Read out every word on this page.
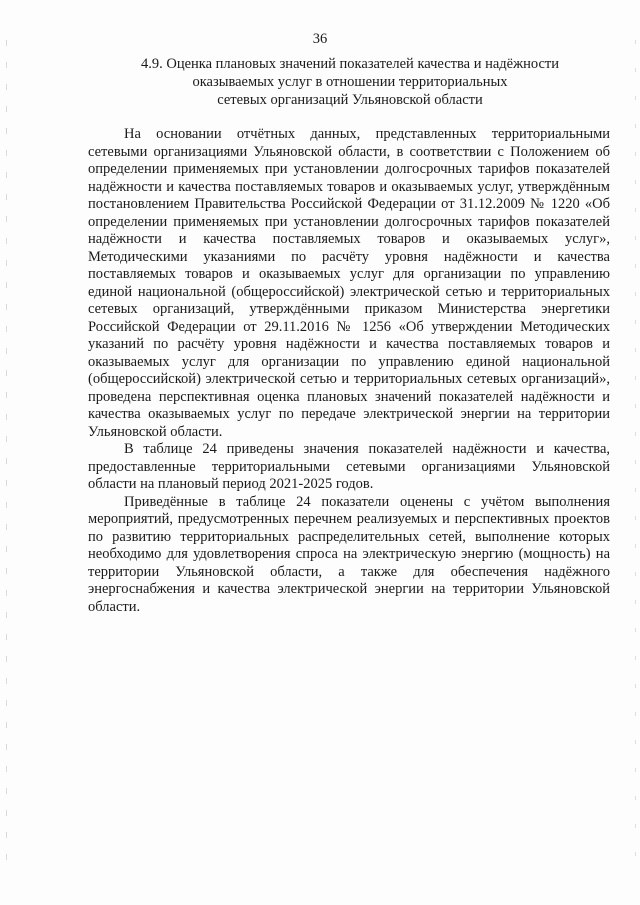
36
4.9. Оценка плановых значений показателей качества и надёжности
оказываемых услуг в отношении территориальных
сетевых организаций Ульяновской области

На основании отчётных данных, представленных территориальными сетевыми организациями Ульяновской области, в соответствии с Положением об определении применяемых при установлении долгосрочных тарифов показателей надёжности и качества поставляемых товаров и оказываемых услуг, утверждённым постановлением Правительства Российской Федерации от 31.12.2009 № 1220 «Об определении применяемых при установлении долгосрочных тарифов показателей надёжности и качества поставляемых товаров и оказываемых услуг», Методическими указаниями по расчёту уровня надёжности и качества поставляемых товаров и оказываемых услуг для организации по управлению единой национальной (общероссийской) электрической сетью и территориальных сетевых организаций, утверждёнными приказом Министерства энергетики Российской Федерации от 29.11.2016 № 1256 «Об утверждении Методических указаний по расчёту уровня надёжности и качества поставляемых товаров и оказываемых услуг для организации по управлению единой национальной (общероссийской) электрической сетью и территориальных сетевых организаций», проведена перспективная оценка плановых значений показателей надёжности и качества оказываемых услуг по передаче электрической энергии на территории Ульяновской области.

В таблице 24 приведены значения показателей надёжности и качества, предоставленные территориальными сетевыми организациями Ульяновской области на плановый период 2021-2025 годов.

Приведённые в таблице 24 показатели оценены с учётом выполнения мероприятий, предусмотренных перечнем реализуемых и перспективных проектов по развитию территориальных распределительных сетей, выполнение которых необходимо для удовлетворения спроса на электрическую энергию (мощность) на территории Ульяновской области, а также для обеспечения надёжного энергоснабжения и качества электрической энергии на территории Ульяновской области.
